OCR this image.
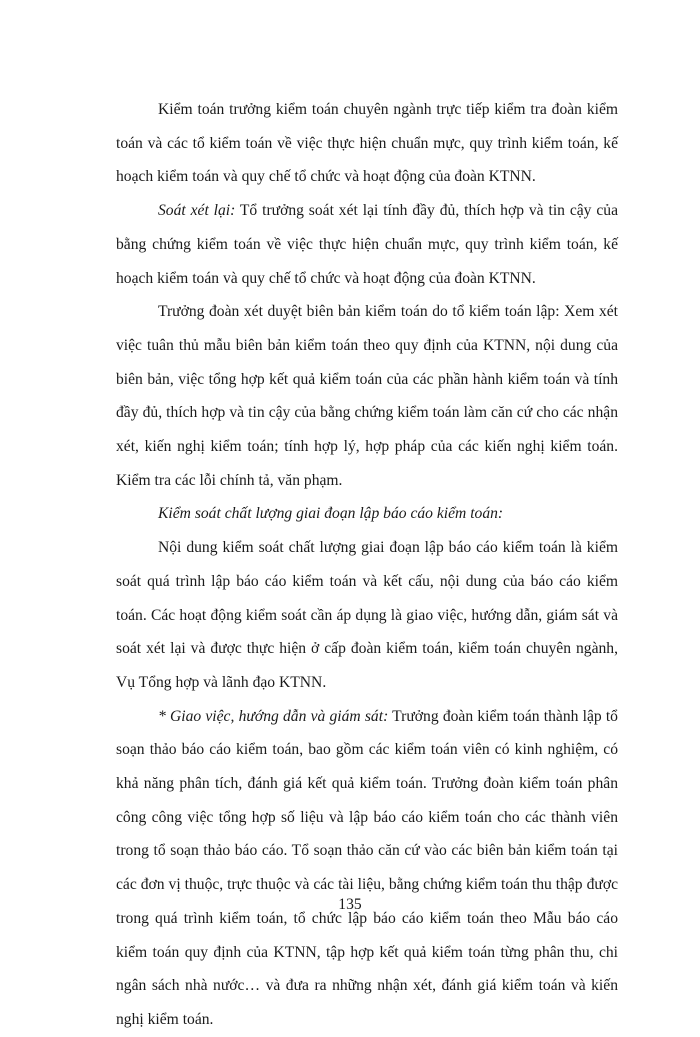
Kiểm toán trưởng kiểm toán chuyên ngành trực tiếp kiểm tra đoàn kiểm toán và các tổ kiểm toán về việc thực hiện chuẩn mực, quy trình kiểm toán, kế hoạch kiểm toán và quy chế tổ chức và hoạt động của đoàn KTNN.

Soát xét lại: Tổ trưởng soát xét lại tính đầy đủ, thích hợp và tin cậy của bằng chứng kiểm toán về việc thực hiện chuẩn mực, quy trình kiểm toán, kế hoạch kiểm toán và quy chế tổ chức và hoạt động của đoàn KTNN.

Trưởng đoàn xét duyệt biên bản kiểm toán do tổ kiểm toán lập: Xem xét việc tuân thủ mẫu biên bản kiểm toán theo quy định của KTNN, nội dung của biên bản, việc tổng hợp kết quả kiểm toán của các phần hành kiểm toán và tính đầy đủ, thích hợp và tin cậy của bằng chứng kiểm toán làm căn cứ cho các nhận xét, kiến nghị kiểm toán; tính hợp lý, hợp pháp của các kiến nghị kiểm toán. Kiểm tra các lỗi chính tả, văn phạm.

Kiểm soát chất lượng giai đoạn lập báo cáo kiểm toán:

Nội dung kiểm soát chất lượng giai đoạn lập báo cáo kiểm toán là kiểm soát quá trình lập báo cáo kiểm toán và kết cấu, nội dung của báo cáo kiểm toán. Các hoạt động kiểm soát cần áp dụng là giao việc, hướng dẫn, giám sát và soát xét lại và được thực hiện ở cấp đoàn kiểm toán, kiểm toán chuyên ngành, Vụ Tổng hợp và lãnh đạo KTNN.

* Giao việc, hướng dẫn và giám sát: Trưởng đoàn kiểm toán thành lập tổ soạn thảo báo cáo kiểm toán, bao gồm các kiểm toán viên có kinh nghiệm, có khả năng phân tích, đánh giá kết quả kiểm toán. Trưởng đoàn kiểm toán phân công công việc tổng hợp số liệu và lập báo cáo kiểm toán cho các thành viên trong tổ soạn thảo báo cáo. Tổ soạn thảo căn cứ vào các biên bản kiểm toán tại các đơn vị thuộc, trực thuộc và các tài liệu, bằng chứng kiểm toán thu thập được trong quá trình kiểm toán, tổ chức lập báo cáo kiểm toán theo Mẫu báo cáo kiểm toán quy định của KTNN, tập hợp kết quả kiểm toán từng phân thu, chi ngân sách nhà nước… và đưa ra những nhận xét, đánh giá kiểm toán và kiến nghị kiểm toán.

135
